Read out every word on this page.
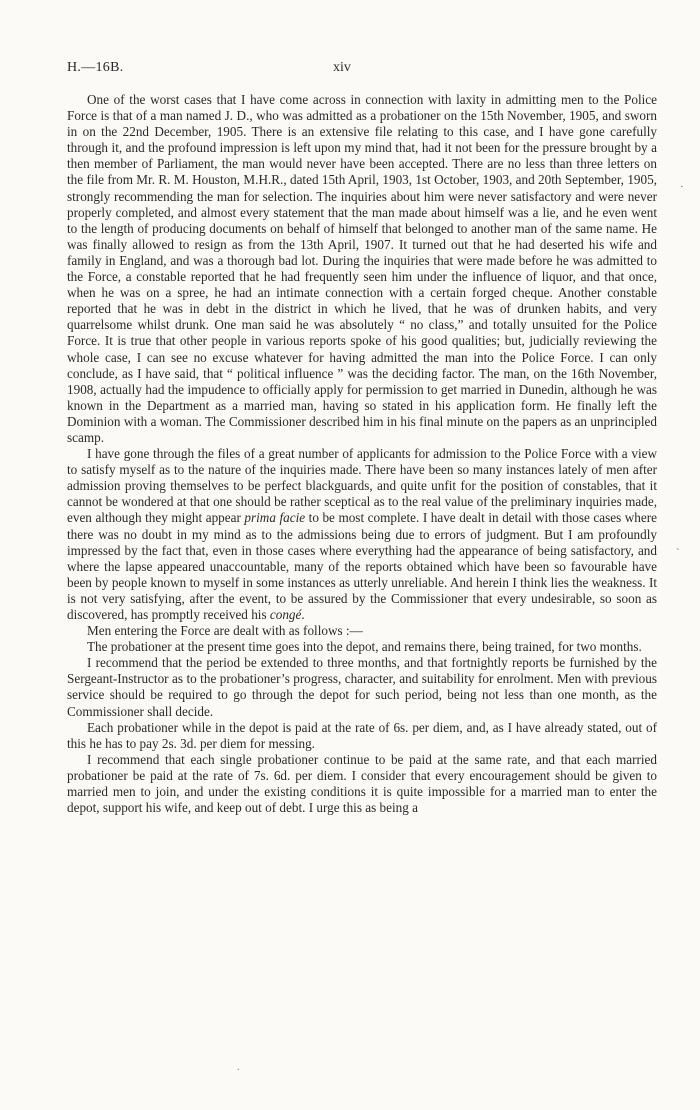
H.—16B.	xiv
˙
`

One of the worst cases that I have come across in connection with laxity in admitting men to the Police Force is that of a man named J. D., who was admitted as a probationer on the 15th November, 1905, and sworn in on the 22nd December, 1905. There is an extensive file relating to this case, and I have gone carefully through it, and the profound impression is left upon my mind that, had it not been for the pressure brought by a then member of Parliament, the man would never have been accepted. There are no less than three letters on the file from Mr. R. M. Houston, M.H.R., dated 15th April, 1903, 1st October, 1903, and 20th September, 1905, strongly recommending the man for selection. The inquiries about him were never satisfactory and were never properly completed, and almost every statement that the man made about himself was a lie, and he even went to the length of producing documents on behalf of himself that belonged to another man of the same name. He was finally allowed to resign as from the 13th April, 1907. It turned out that he had deserted his wife and family in England, and was a thorough bad lot. During the inquiries that were made before he was admitted to the Force, a constable reported that he had frequently seen him under the influence of liquor, and that once, when he was on a spree, he had an intimate connection with a certain forged cheque. Another constable reported that he was in debt in the district in which he lived, that he was of drunken habits, and very quarrelsome whilst drunk. One man said he was absolutely “ no class,” and totally unsuited for the Police Force. It is true that other people in various reports spoke of his good qualities; but, judicially reviewing the whole case, I can see no excuse whatever for having admitted the man into the Police Force. I can only conclude, as I have said, that “ political influence ” was the deciding factor. The man, on the 16th November, 1908, actually had the impudence to officially apply for permission to get married in Dunedin, although he was known in the Department as a married man, having so stated in his application form. He finally left the Dominion with a woman. The Commissioner described him in his final minute on the papers as an unprincipled scamp.

I have gone through the files of a great number of applicants for admission to the Police Force with a view to satisfy myself as to the nature of the inquiries made. There have been so many instances lately of men after admission proving themselves to be perfect blackguards, and quite unfit for the position of constables, that it cannot be wondered at that one should be rather sceptical as to the real value of the preliminary inquiries made, even although they might appear prima facie to be most complete. I have dealt in detail with those cases where there was no doubt in my mind as to the admissions being due to errors of judgment. But I am profoundly impressed by the fact that, even in those cases where everything had the appearance of being satisfactory, and where the lapse appeared unaccountable, many of the reports obtained which have been so favourable have been by people known to myself in some instances as utterly unreliable. And herein I think lies the weakness. It is not very satisfying, after the event, to be assured by the Commissioner that every undesirable, so soon as discovered, has promptly received his congé.

Men entering the Force are dealt with as follows :—

The probationer at the present time goes into the depot, and remains there, being trained, for two months.

I recommend that the period be extended to three months, and that fortnightly reports be furnished by the Sergeant-Instructor as to the probationer’s progress, character, and suitability for enrolment. Men with previous service should be required to go through the depot for such period, being not less than one month, as the Commissioner shall decide.

Each probationer while in the depot is paid at the rate of 6s. per diem, and, as I have already stated, out of this he has to pay 2s. 3d. per diem for messing.

I recommend that each single probationer continue to be paid at the same rate, and that each married probationer be paid at the rate of 7s. 6d. per diem. I consider that every encouragement should be given to married men to join, and under the existing conditions it is quite impossible for a married man to enter the depot, support his wife, and keep out of debt. I urge this as being a

.
